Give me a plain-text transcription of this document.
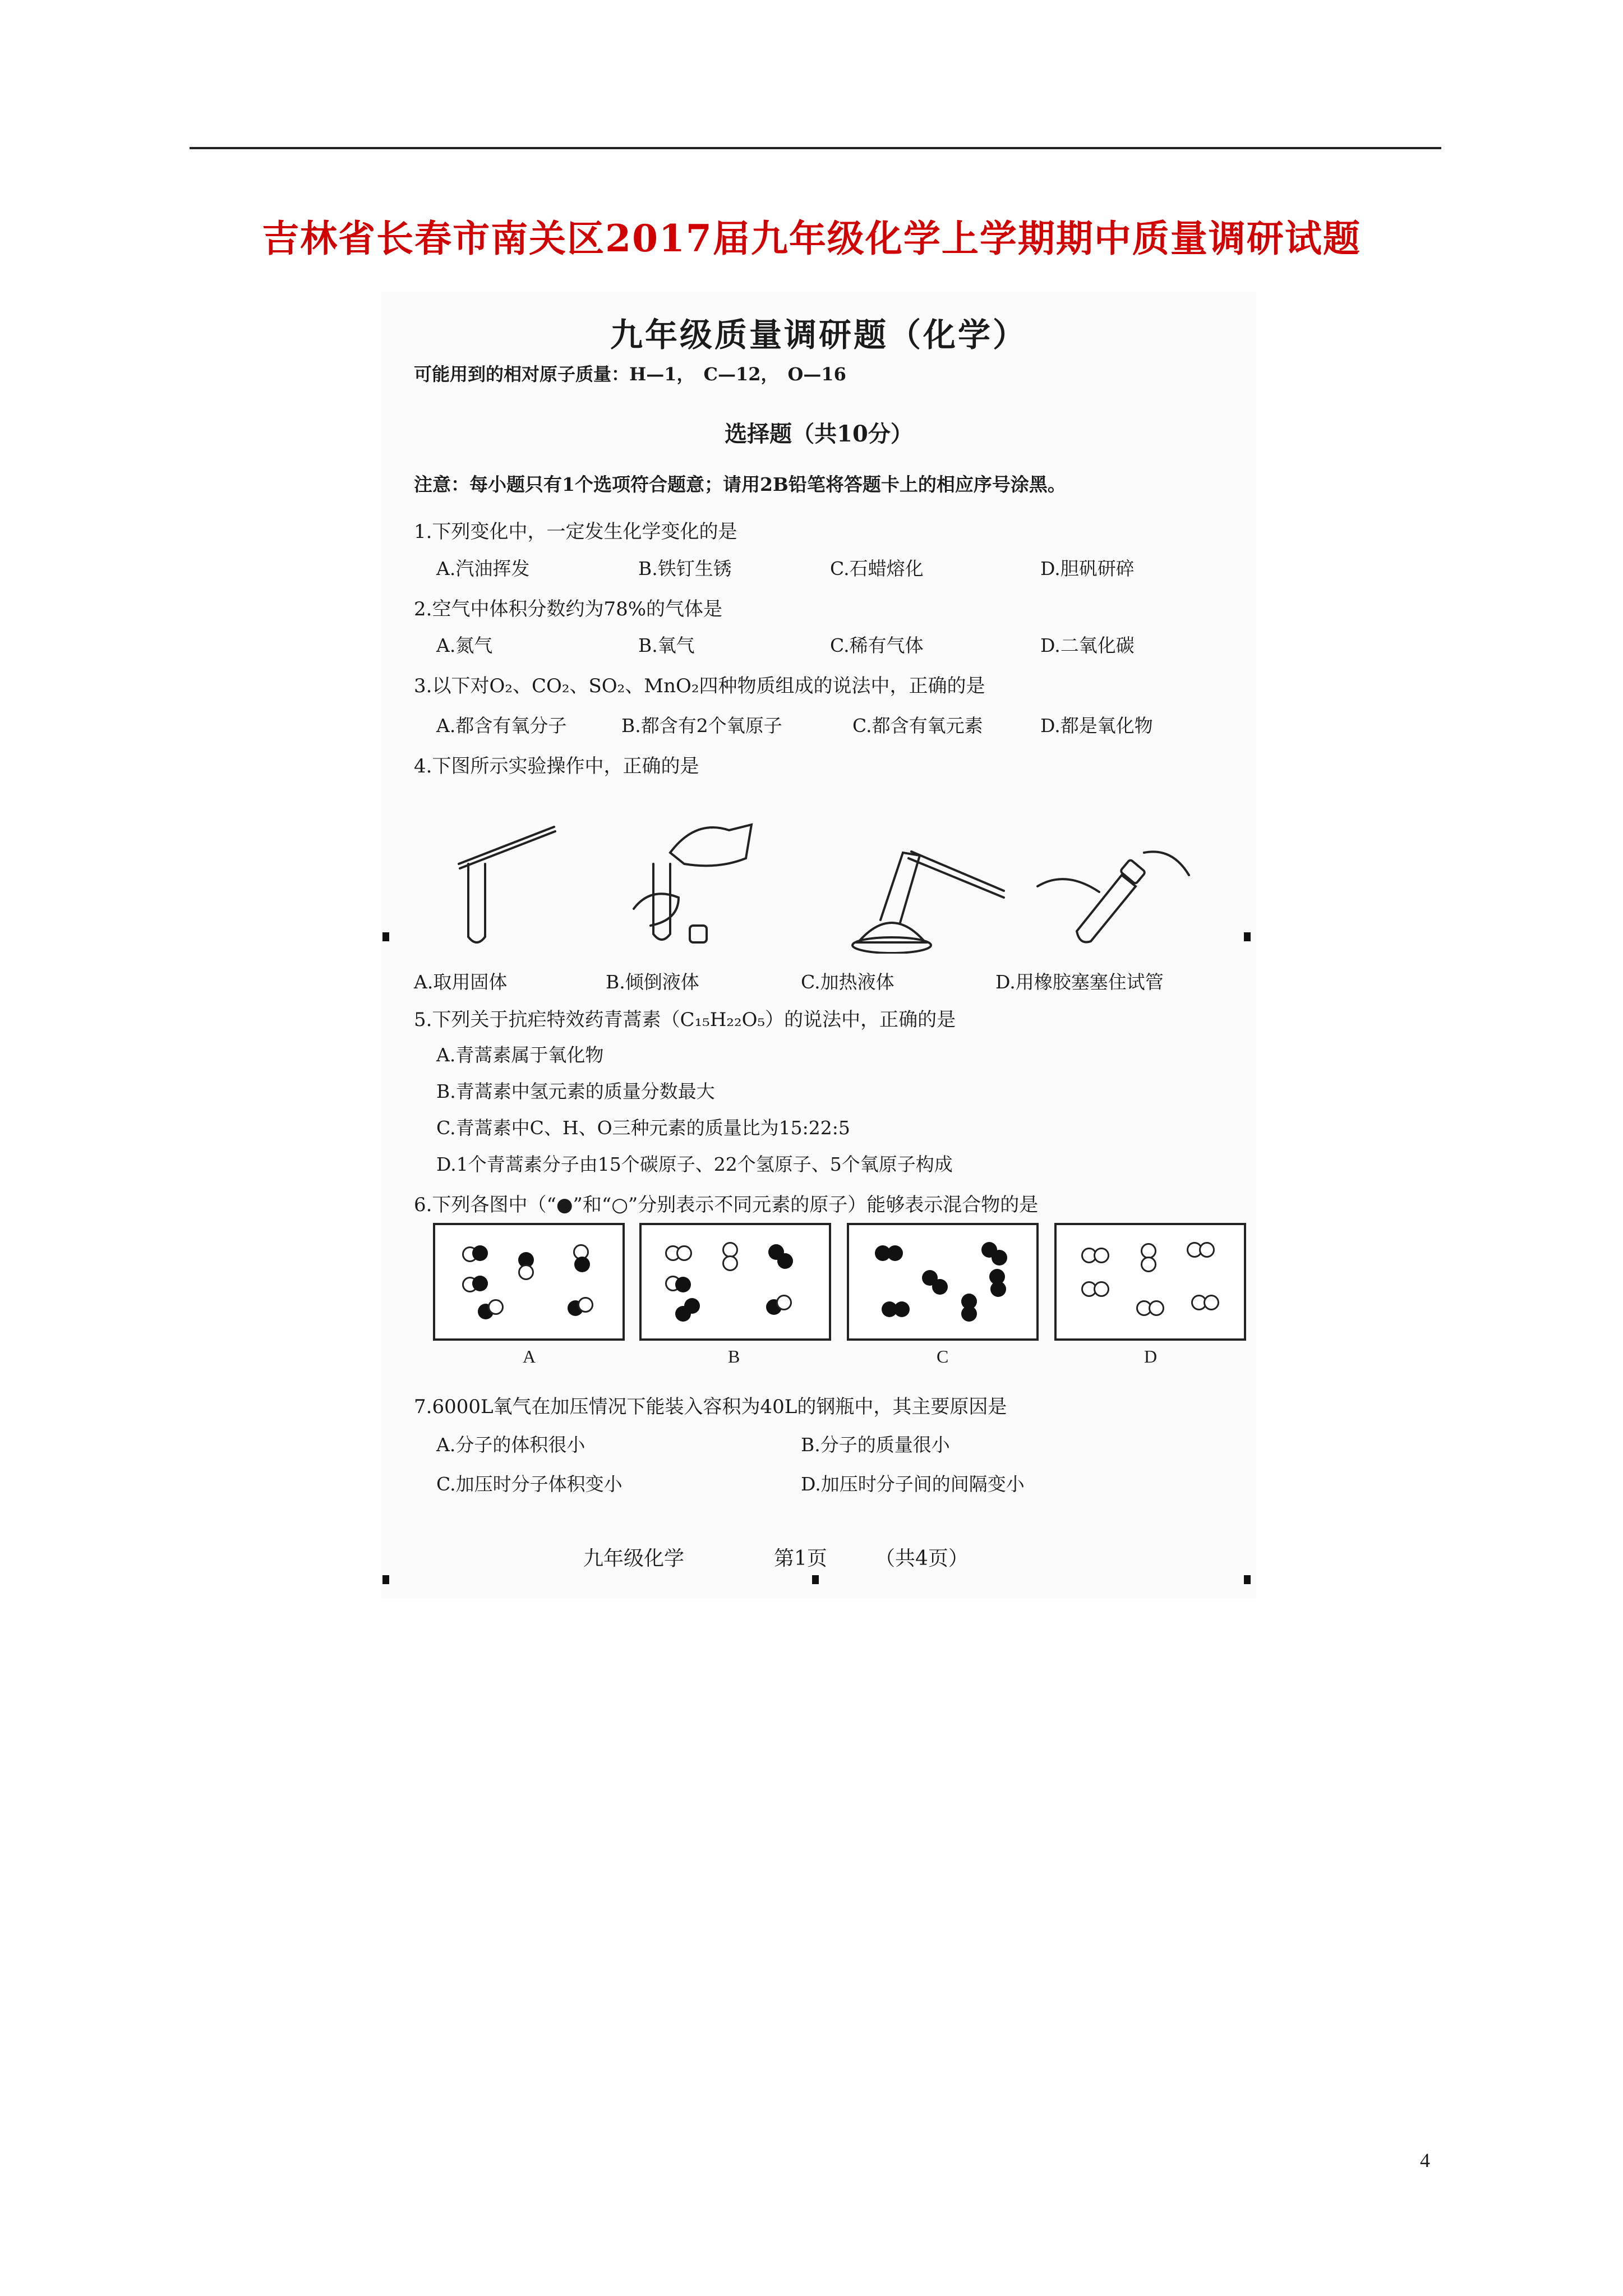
吉林省长春市南关区2017届九年级化学上学期期中质量调研试题
九年级质量调研题（化学）
可能用到的相对原子质量：H—1，　C—12，　O—16
选择题（共10分）
注意：每小题只有1个选项符合题意；请用2B铅笔将答题卡上的相应序号涂黑。
1.下列变化中，一定发生化学变化的是
A.汽油挥发	B.铁钉生锈	C.石蜡熔化	D.胆矾研碎
2.空气中体积分数约为78%的气体是
A.氮气	B.氧气	C.稀有气体	D.二氧化碳
3.以下对O₂、CO₂、SO₂、MnO₂四种物质组成的说法中，正确的是
A.都含有氧分子	B.都含有2个氧原子	C.都含有氧元素	D.都是氧化物
4.下图所示实验操作中，正确的是
A.取用固体	B.倾倒液体	C.加热液体	D.用橡胶塞塞住试管
5.下列关于抗疟特效药青蒿素（C₁₅H₂₂O₅）的说法中，正确的是
A.青蒿素属于氧化物
B.青蒿素中氢元素的质量分数最大
C.青蒿素中C、H、O三种元素的质量比为15:22:5
D.1个青蒿素分子由15个碳原子、22个氢原子、5个氧原子构成
6.下列各图中（“●”和“○”分别表示不同元素的原子）能够表示混合物的是
A	B	C	D
7.6000L氧气在加压情况下能装入容积为40L的钢瓶中，其主要原因是
A.分子的体积很小	B.分子的质量很小
C.加压时分子体积变小	D.加压时分子间的间隔变小
九年级化学	第1页 （共4页）
4
